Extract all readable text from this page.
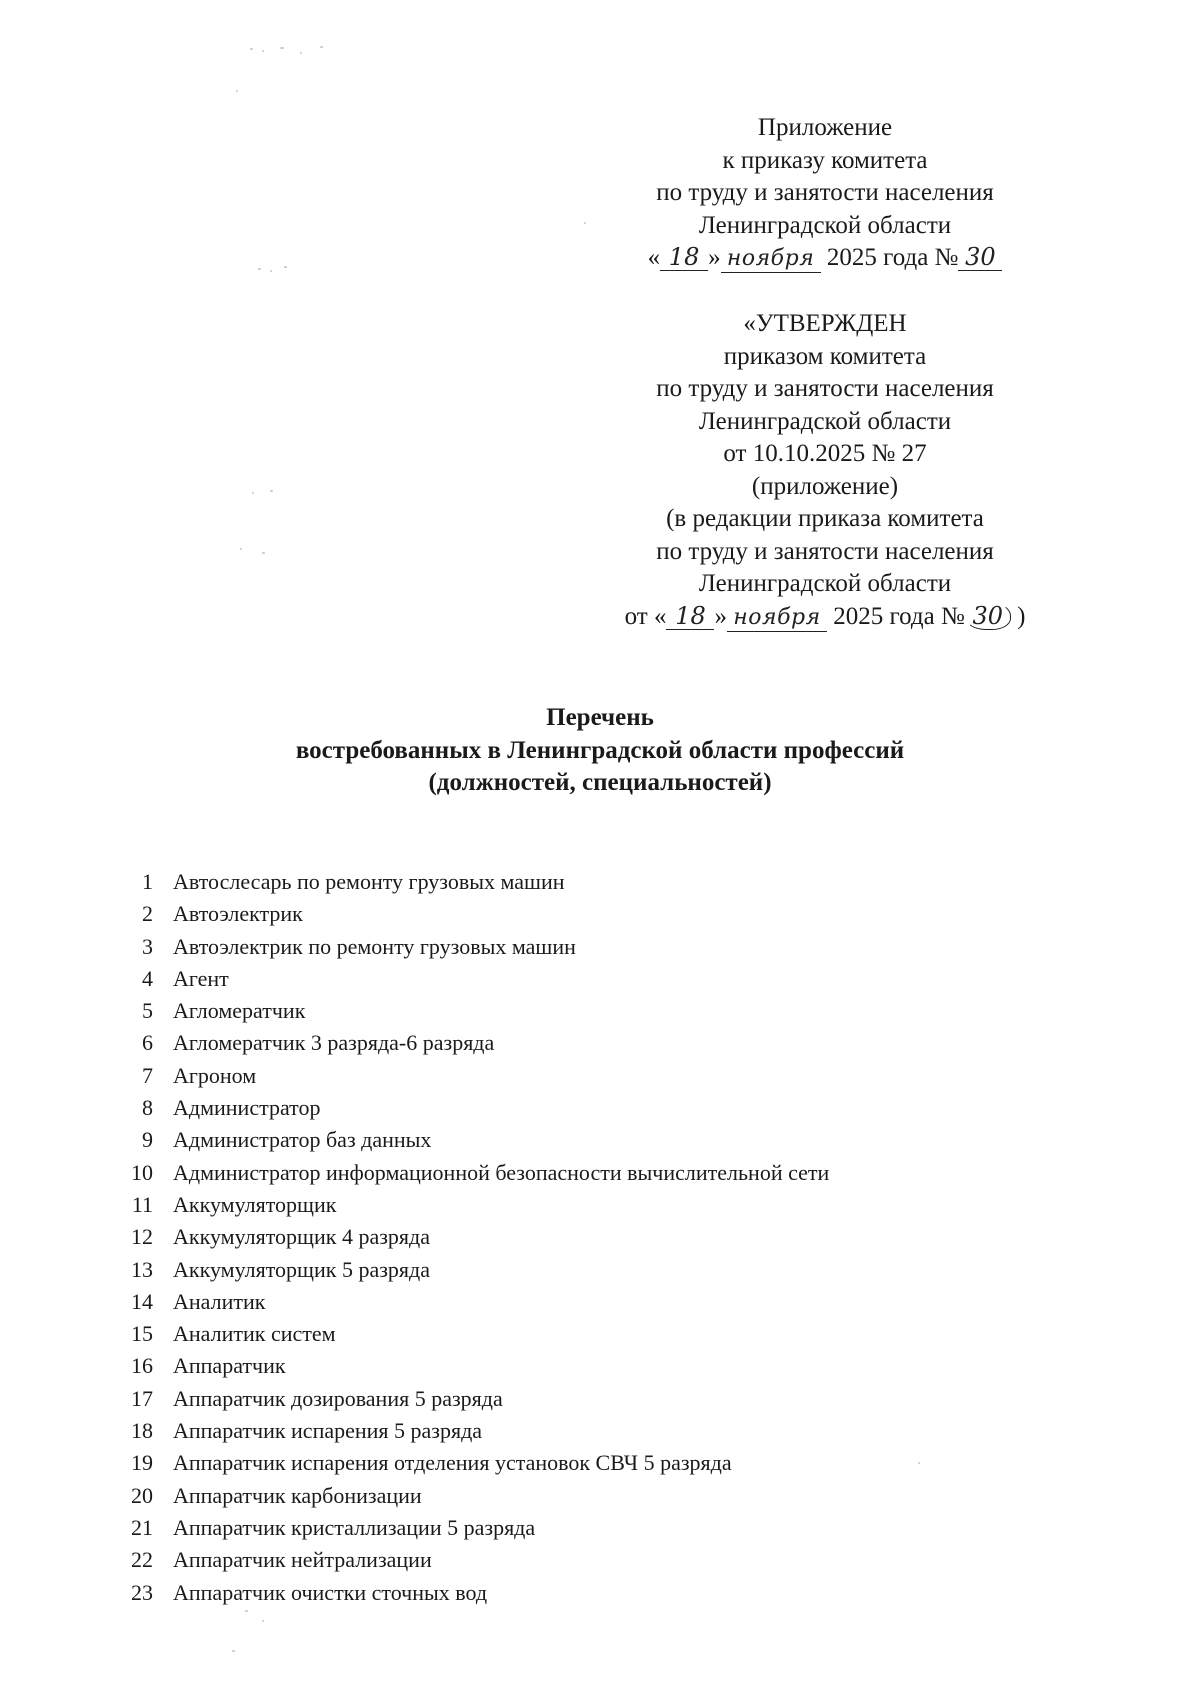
Приложение
к приказу комитета
по труду и занятости населения
Ленинградской области
« 18 » ноября 2025 года № 30
«УТВЕРЖДЕН
приказом комитета
по труду и занятости населения
Ленинградской области
от 10.10.2025 № 27
(приложение)
(в редакции приказа комитета
по труду и занятости населения
Ленинградской области
от « 18 » ноября 2025 года № 30 )
Перечень
востребованных в Ленинградской области профессий
(должностей, специальностей)
1 Автослесарь по ремонту грузовых машин
2 Автоэлектрик
3 Автоэлектрик по ремонту грузовых машин
4 Агент
5 Агломератчик
6 Агломератчик 3 разряда-6 разряда
7 Агроном
8 Администратор
9 Администратор баз данных
10 Администратор информационной безопасности вычислительной сети
11 Аккумуляторщик
12 Аккумуляторщик 4 разряда
13 Аккумуляторщик 5 разряда
14 Аналитик
15 Аналитик систем
16 Аппаратчик
17 Аппаратчик дозирования 5 разряда
18 Аппаратчик испарения 5 разряда
19 Аппаратчик испарения отделения установок СВЧ 5 разряда
20 Аппаратчик карбонизации
21 Аппаратчик кристаллизации 5 разряда
22 Аппаратчик нейтрализации
23 Аппаратчик очистки сточных вод
